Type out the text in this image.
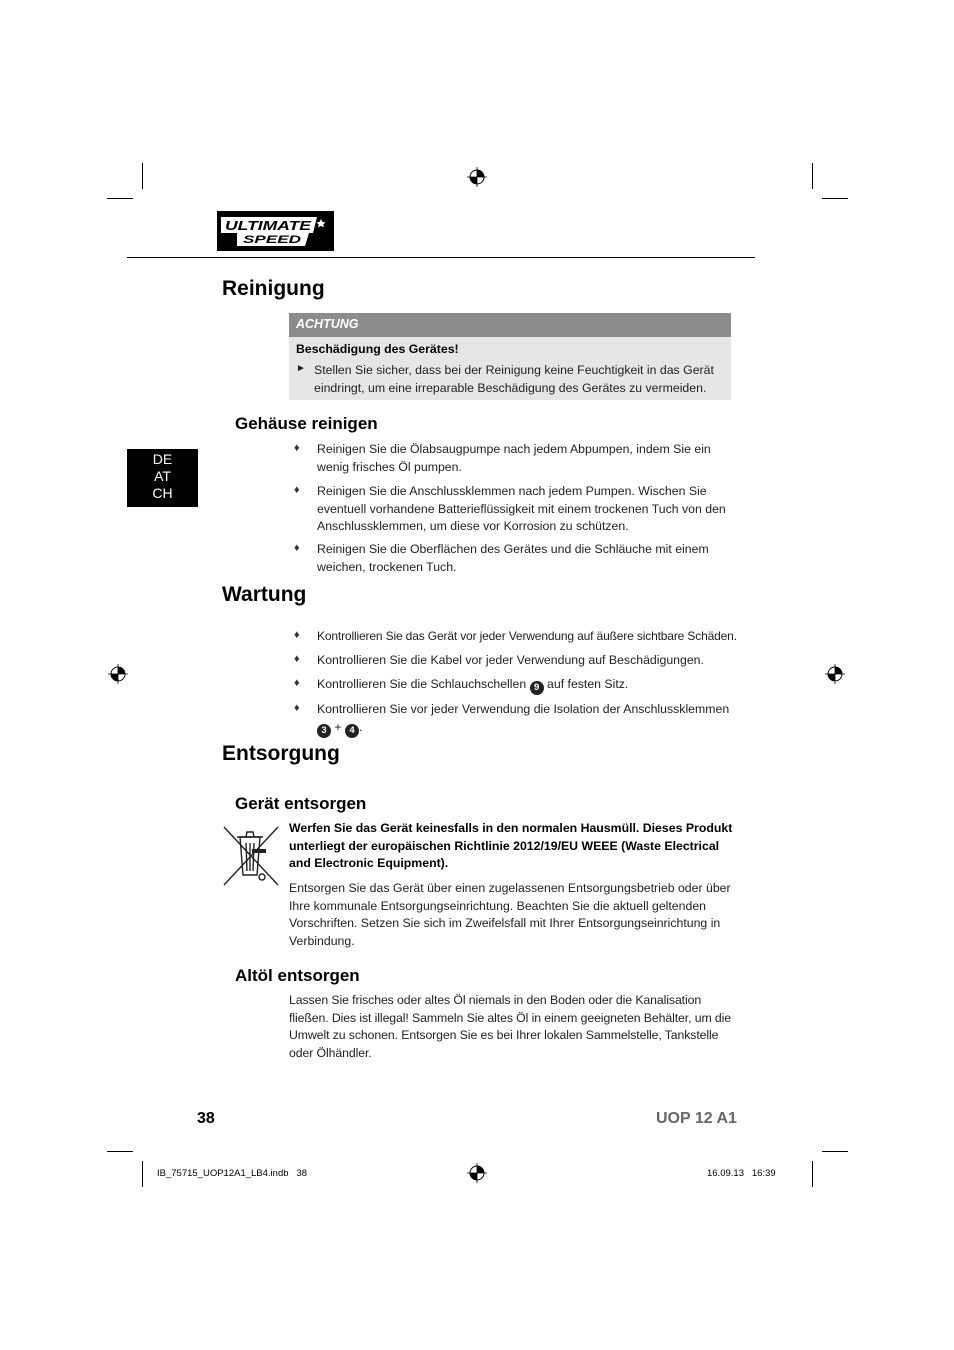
ULTIMATE
SPEED
DE
AT
CH
Reinigung
ACHTUNG
Beschädigung des Gerätes!
► Stellen Sie sicher, dass bei der Reinigung keine Feuchtigkeit in das Gerät eindringt, um eine irreparable Beschädigung des Gerätes zu vermeiden.
Gehäuse reinigen
♦	Reinigen Sie die Ölabsaugpumpe nach jedem Abpumpen, indem Sie ein wenig frisches Öl pumpen.
♦	Reinigen Sie die Anschlussklemmen nach jedem Pumpen. Wischen Sie eventuell vorhandene Batterieflüssigkeit mit einem trockenen Tuch von den Anschlussklemmen, um diese vor Korrosion zu schützen.
♦	Reinigen Sie die Oberflächen des Gerätes und die Schläuche mit einem weichen, trockenen Tuch.
Wartung
♦	Kontrollieren Sie das Gerät vor jeder Verwendung auf äußere sichtbare Schäden.
♦	Kontrollieren Sie die Kabel vor jeder Verwendung auf Beschädigungen.
♦	Kontrollieren Sie die Schlauchschellen 9 auf festen Sitz.
♦	Kontrollieren Sie vor jeder Verwendung die Isolation der Anschlussklemmen
3 + 4 .
Entsorgung
Gerät entsorgen
Werfen Sie das Gerät keinesfalls in den normalen Hausmüll. Dieses Produkt unterliegt der europäischen Richtlinie 2012/19/EU WEEE (Waste Electrical and Electronic Equipment).
Entsorgen Sie das Gerät über einen zugelassenen Entsorgungsbetrieb oder über Ihre kommunale Entsorgungseinrichtung. Beachten Sie die aktuell geltenden Vorschriften. Setzen Sie sich im Zweifelsfall mit Ihrer Entsorgungseinrichtung in Verbindung.
Altöl entsorgen
Lassen Sie frisches oder altes Öl niemals in den Boden oder die Kanalisation fließen. Dies ist illegal! Sammeln Sie altes Öl in einem geeigneten Behälter, um die Umwelt zu schonen. Entsorgen Sie es bei Ihrer lokalen Sammelstelle, Tankstelle oder Ölhändler.
38	UOP 12 A1
IB_75715_UOP12A1_LB4.indb   38	16.09.13   16:39
